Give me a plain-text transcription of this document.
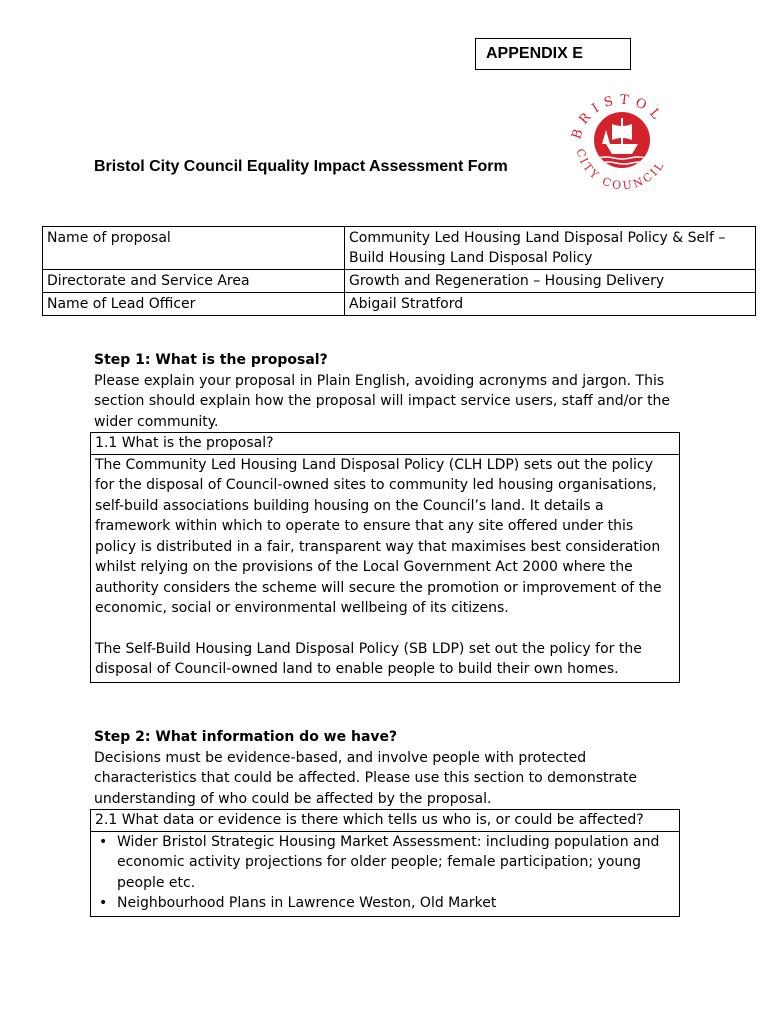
APPENDIX E
BRISTOL
CITY COUNCIL
Bristol City Council Equality Impact Assessment Form
Name of proposal	Community Led Housing Land Disposal Policy & Self –Build Housing Land Disposal Policy
Directorate and Service Area	Growth and Regeneration – Housing Delivery
Name of Lead Officer	Abigail Stratford
Step 1: What is the proposal?
Please explain your proposal in Plain English, avoiding acronyms and jargon. This section should explain how the proposal will impact service users, staff and/or the wider community.
1.1 What is the proposal?

The Community Led Housing Land Disposal Policy (CLH LDP) sets out the policy for the disposal of Council-owned sites to community led housing organisations, self-build associations building housing on the Council’s land. It details a framework within which to operate to ensure that any site offered under this policy is distributed in a fair, transparent way that maximises best consideration whilst relying on the provisions of the Local Government Act 2000 where the authority considers the scheme will secure the promotion or improvement of the economic, social or environmental wellbeing of its citizens.

The Self-Build Housing Land Disposal Policy (SB LDP) set out the policy for the disposal of Council-owned land to enable people to build their own homes.

Step 2: What information do we have?
Decisions must be evidence-based, and involve people with protected characteristics that could be affected. Please use this section to demonstrate understanding of who could be affected by the proposal.
2.1 What data or evidence is there which tells us who is, or could be affected?
• Wider Bristol Strategic Housing Market Assessment: including population and economic activity projections for older people; female participation; young people etc.
• Neighbourhood Plans in Lawrence Weston, Old Market
